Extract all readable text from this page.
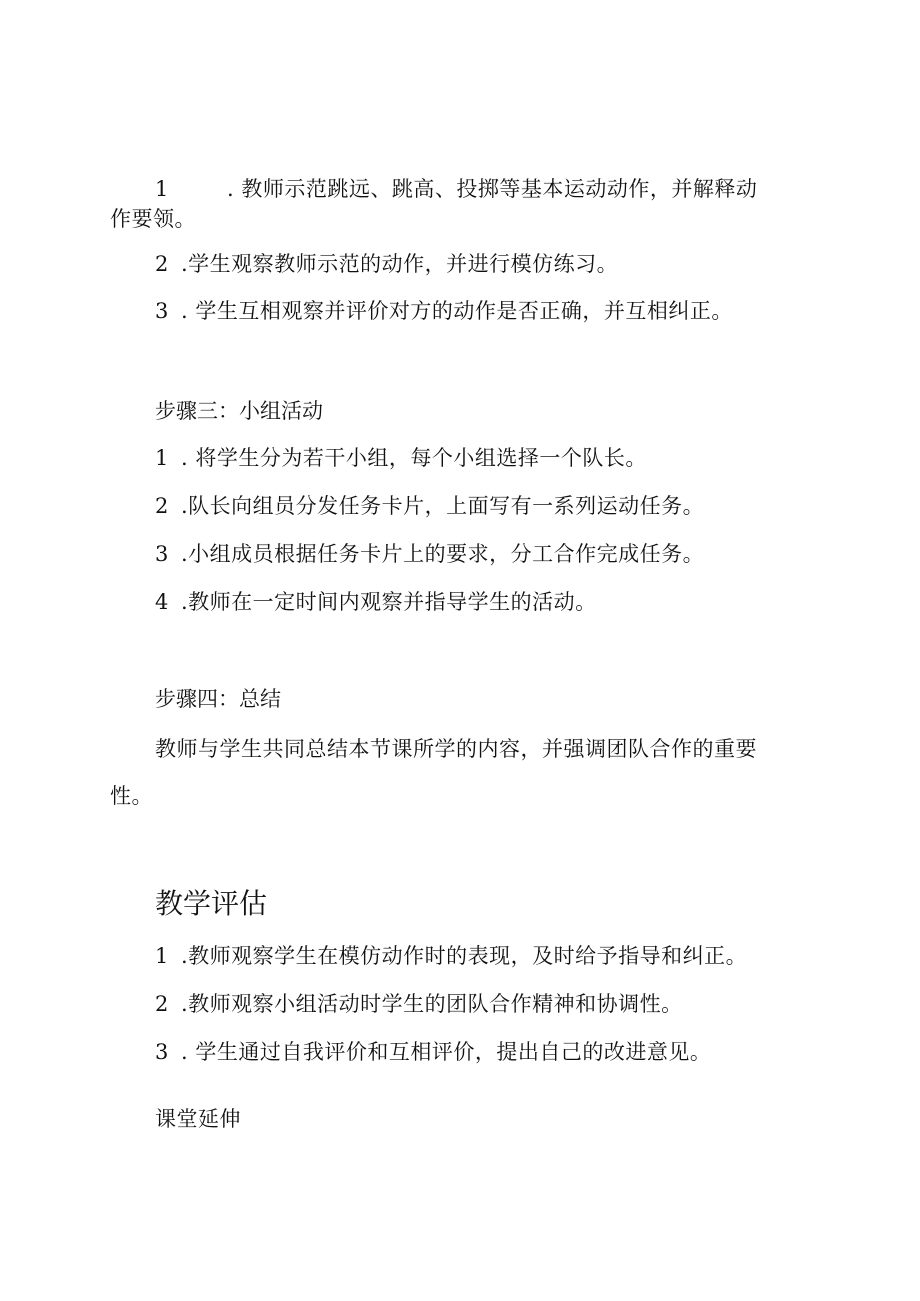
1	. 教师示范跳远、跳高、投掷等基本运动动作，并解释动

作要领。

2 .学生观察教师示范的动作，并进行模仿练习。

3 . 学生互相观察并评价对方的动作是否正确，并互相纠正。

步骤三：小组活动

1 . 将学生分为若干小组，每个小组选择一个队长。

2 .队长向组员分发任务卡片，上面写有一系列运动任务。

3 .小组成员根据任务卡片上的要求，分工合作完成任务。

4 .教师在一定时间内观察并指导学生的活动。

步骤四：总结

教师与学生共同总结本节课所学的内容，并强调团队合作的重要

性。

教学评估

1 .教师观察学生在模仿动作时的表现，及时给予指导和纠正。

2 .教师观察小组活动时学生的团队合作精神和协调性。

3 . 学生通过自我评价和互相评价，提出自己的改进意见。

课堂延伸
